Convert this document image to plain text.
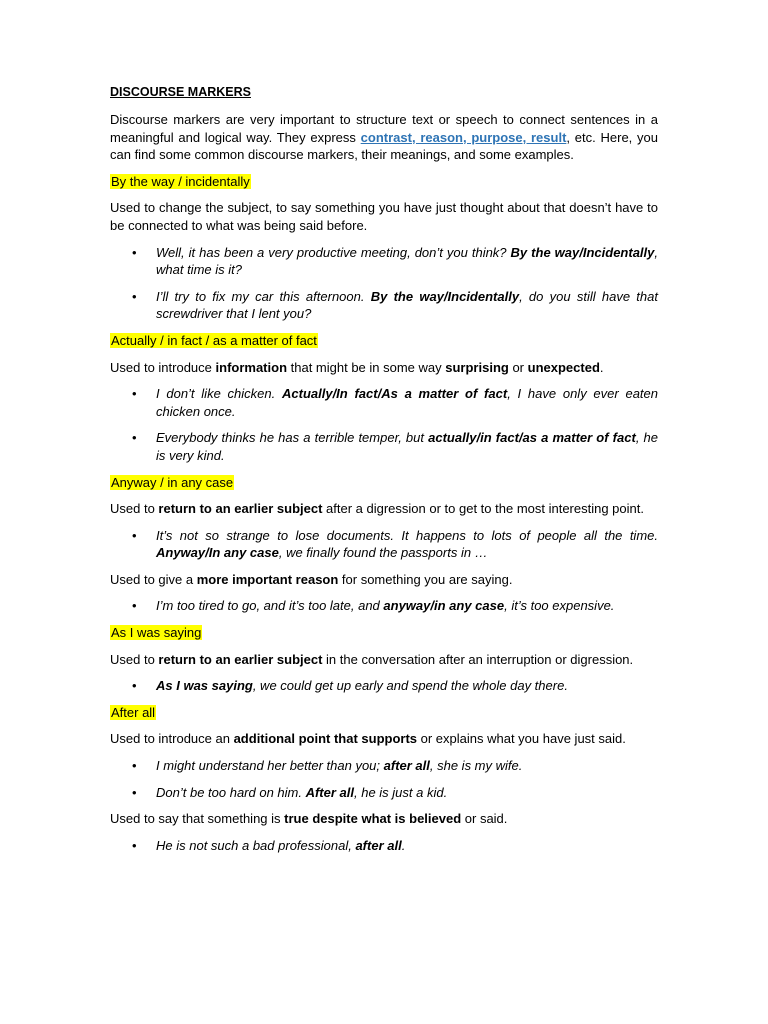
DISCOURSE MARKERS
Discourse markers are very important to structure text or speech to connect sentences in a meaningful and logical way. They express contrast, reason, purpose, result, etc. Here, you can find some common discourse markers, their meanings, and some examples.
By the way / incidentally
Used to change the subject, to say something you have just thought about that doesn’t have to be connected to what was being said before.
• Well, it has been a very productive meeting, don’t you think? By the way/Incidentally, what time is it?
• I’ll try to fix my car this afternoon. By the way/Incidentally, do you still have that screwdriver that I lent you?
Actually / in fact / as a matter of fact
Used to introduce information that might be in some way surprising or unexpected.
• I don’t like chicken. Actually/In fact/As a matter of fact, I have only ever eaten chicken once.
• Everybody thinks he has a terrible temper, but actually/in fact/as a matter of fact, he is very kind.
Anyway / in any case
Used to return to an earlier subject after a digression or to get to the most interesting point.
• It’s not so strange to lose documents. It happens to lots of people all the time. Anyway/In any case, we finally found the passports in …
Used to give a more important reason for something you are saying.
• I’m too tired to go, and it’s too late, and anyway/in any case, it’s too expensive.
As I was saying
Used to return to an earlier subject in the conversation after an interruption or digression.
• As I was saying, we could get up early and spend the whole day there.
After all
Used to introduce an additional point that supports or explains what you have just said.
• I might understand her better than you; after all, she is my wife.
• Don’t be too hard on him. After all, he is just a kid.
Used to say that something is true despite what is believed or said.
• He is not such a bad professional, after all.
